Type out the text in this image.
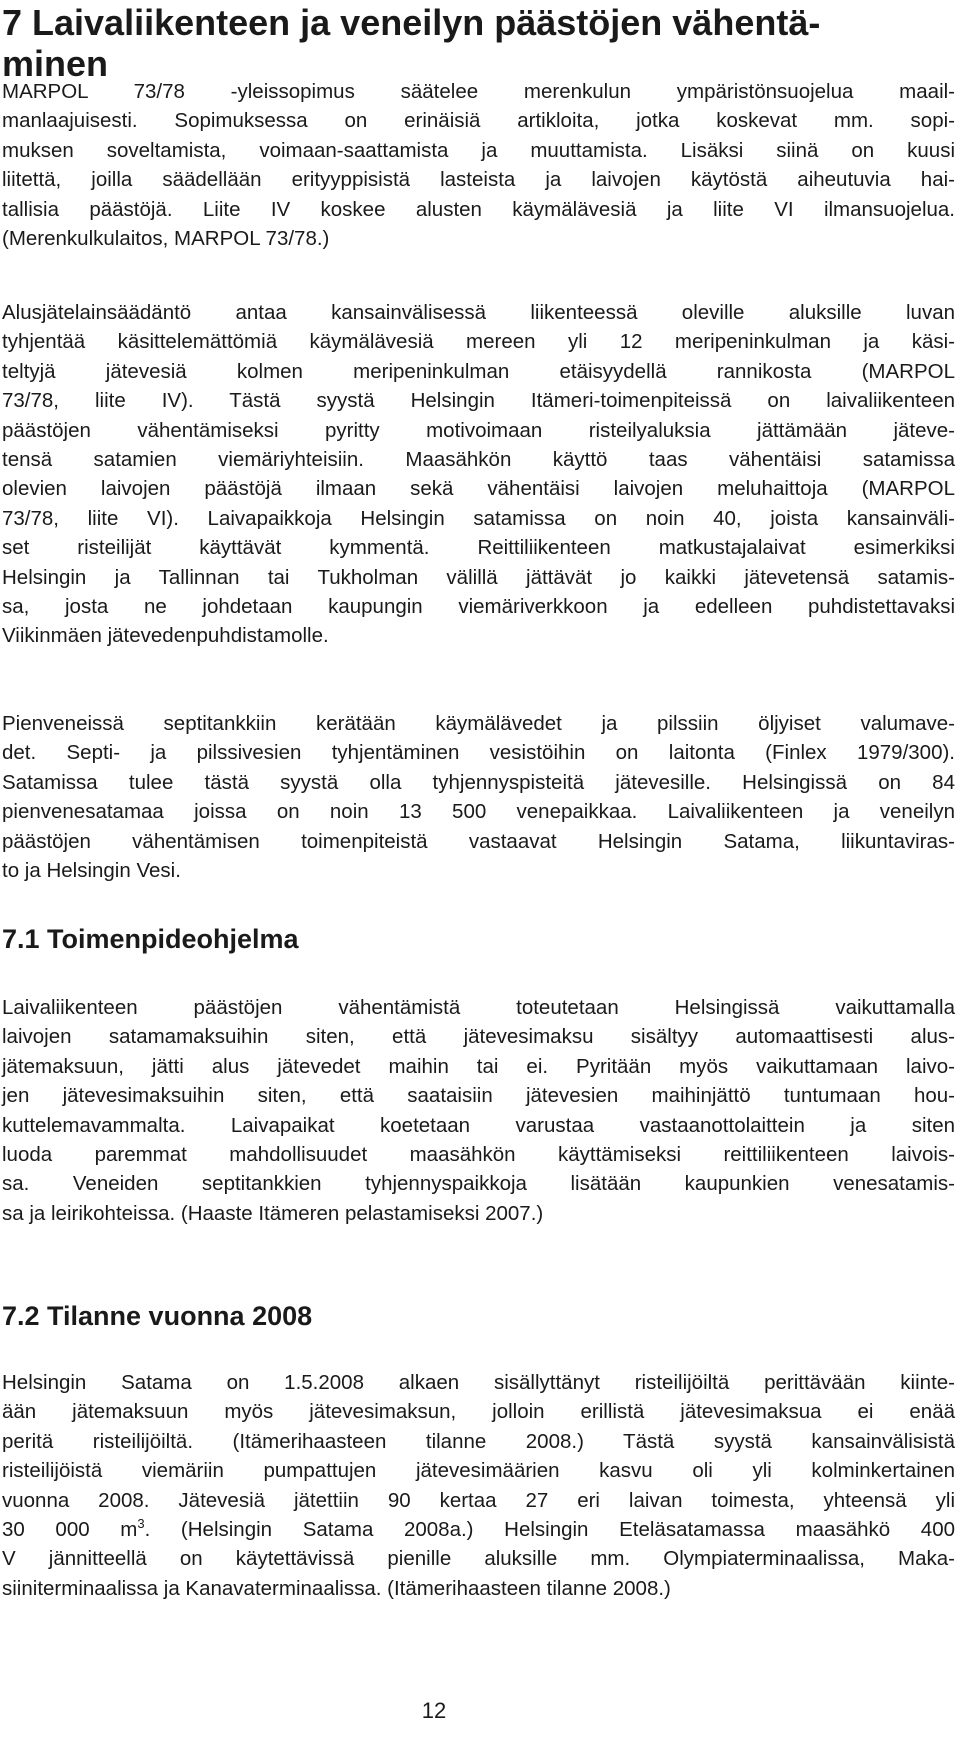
7 Laivaliikenteen ja veneilyn päästöjen vähentä-
minen

MARPOL 73/78 -yleissopimus säätelee merenkulun ympäristönsuojelua maail-
manlaajuisesti. Sopimuksessa on erinäisiä artikloita, jotka koskevat mm. sopi-
muksen soveltamista, voimaan-saattamista ja muuttamista. Lisäksi siinä on kuusi
liitettä, joilla säädellään erityyppisistä lasteista ja laivojen käytöstä aiheutuvia hai-
tallisia päästöjä. Liite IV koskee alusten käymälävesiä ja liite VI ilmansuojelua.
(Merenkulkulaitos, MARPOL 73/78.)

Alusjätelainsäädäntö antaa kansainvälisessä liikenteessä oleville aluksille luvan
tyhjentää käsittelemättömiä käymälävesiä mereen yli 12 meripeninkulman ja käsi-
teltyjä jätevesiä kolmen meripeninkulman etäisyydellä rannikosta (MARPOL
73/78, liite IV). Tästä syystä Helsingin Itämeri-toimenpiteissä on laivaliikenteen
päästöjen vähentämiseksi pyritty motivoimaan risteilyaluksia jättämään jäteve-
tensä satamien viemäriyhteisiin. Maasähkön käyttö taas vähentäisi satamissa
olevien laivojen päästöjä ilmaan sekä vähentäisi laivojen meluhaittoja (MARPOL
73/78, liite VI). Laivapaikkoja Helsingin satamissa on noin 40, joista kansainväli-
set risteilijät käyttävät kymmentä. Reittiliikenteen matkustajalaivat esimerkiksi
Helsingin ja Tallinnan tai Tukholman välillä jättävät jo kaikki jätevetensä satamis-
sa, josta ne johdetaan kaupungin viemäriverkkoon ja edelleen puhdistettavaksi
Viikinmäen jätevedenpuhdistamolle.

Pienveneissä septitankkiin kerätään käymälävedet ja pilssiin öljyiset valumave-
det. Septi- ja pilssivesien tyhjentäminen vesistöihin on laitonta (Finlex 1979/300).
Satamissa tulee tästä syystä olla tyhjennyspisteitä jätevesille. Helsingissä on 84
pienvenesatamaa joissa on noin 13 500 venepaikkaa. Laivaliikenteen ja veneilyn
päästöjen vähentämisen toimenpiteistä vastaavat Helsingin Satama, liikuntaviras-
to ja Helsingin Vesi.

7.1 Toimenpideohjelma

Laivaliikenteen päästöjen vähentämistä toteutetaan Helsingissä vaikuttamalla
laivojen satamamaksuihin siten, että jätevesimaksu sisältyy automaattisesti alus-
jätemaksuun, jätti alus jätevedet maihin tai ei. Pyritään myös vaikuttamaan laivo-
jen jätevesimaksuihin siten, että saataisiin jätevesien maihinjättö tuntumaan hou-
kuttelemavammalta. Laivapaikat koetetaan varustaa vastaanottolaittein ja siten
luoda paremmat mahdollisuudet maasähkön käyttämiseksi reittiliikenteen laivois-
sa. Veneiden septitankkien tyhjennyspaikkoja lisätään kaupunkien venesatamis-
sa ja leirikohteissa. (Haaste Itämeren pelastamiseksi 2007.)

7.2 Tilanne vuonna 2008

Helsingin Satama on 1.5.2008 alkaen sisällyttänyt risteilijöiltä perittävään kiinte-
ään jätemaksuun myös jätevesimaksun, jolloin erillistä jätevesimaksua ei enää
peritä risteilijöiltä. (Itämerihaasteen tilanne 2008.) Tästä syystä kansainvälisistä
risteilijöistä viemäriin pumpattujen jätevesimäärien kasvu oli yli kolminkertainen
vuonna 2008. Jätevesiä jätettiin 90 kertaa 27 eri laivan toimesta, yhteensä yli
30 000 $m^3$. (Helsingin Satama 2008a.) Helsingin Eteläsatamassa maasähkö 400
V jännitteellä on käytettävissä pienille aluksille mm. Olympiaterminaalissa, Maka-
siiniterminaalissa ja Kanavaterminaalissa. (Itämerihaasteen tilanne 2008.)

12
